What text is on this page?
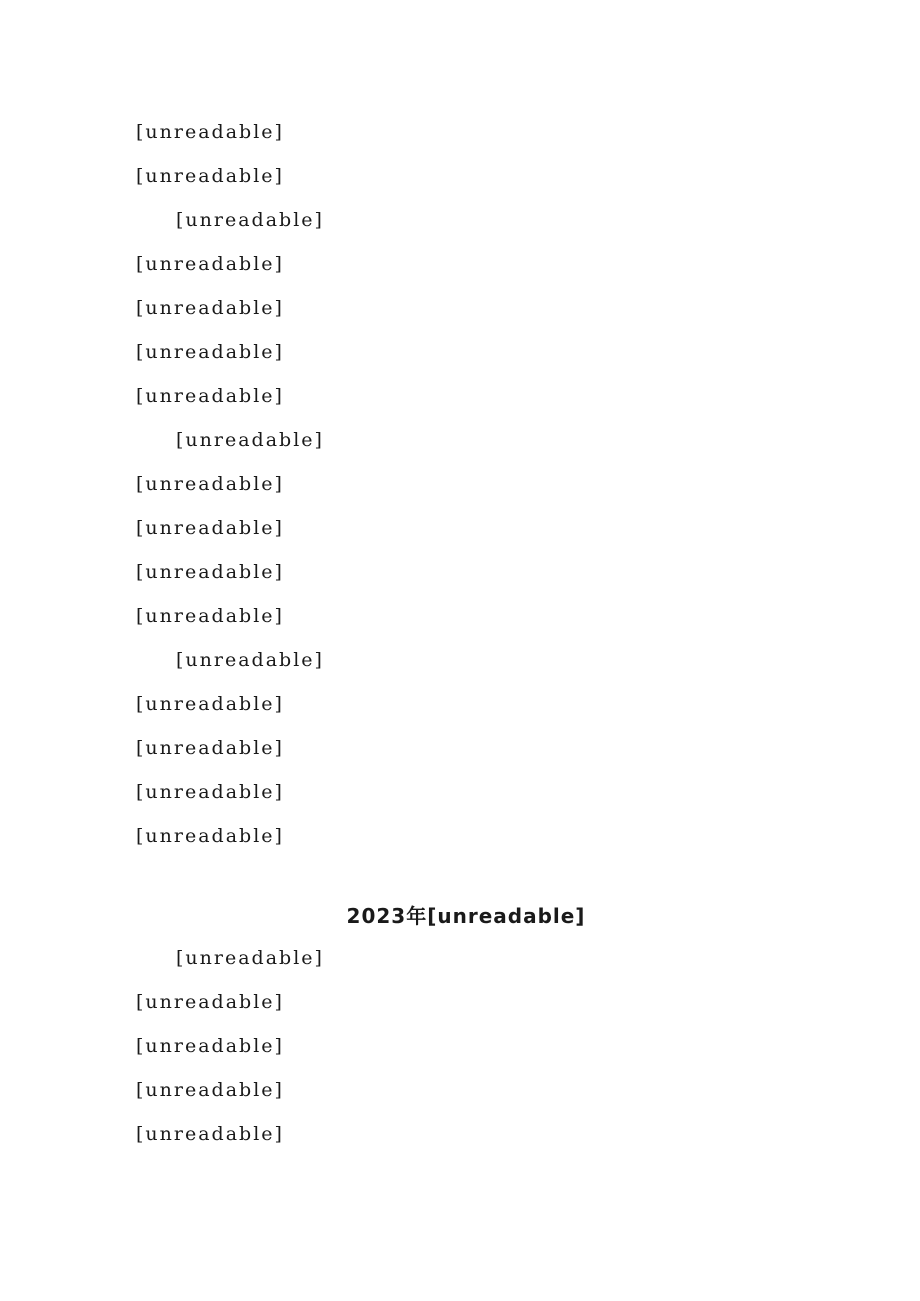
[unreadable]
[unreadable]
[unreadable]
[unreadable]
[unreadable]
[unreadable]
[unreadable]
[unreadable]
[unreadable]
[unreadable]
[unreadable]
[unreadable]
[unreadable]
[unreadable]
[unreadable]
[unreadable]
[unreadable]
2023年[unreadable]
[unreadable]
[unreadable]
[unreadable]
[unreadable]
[unreadable]
